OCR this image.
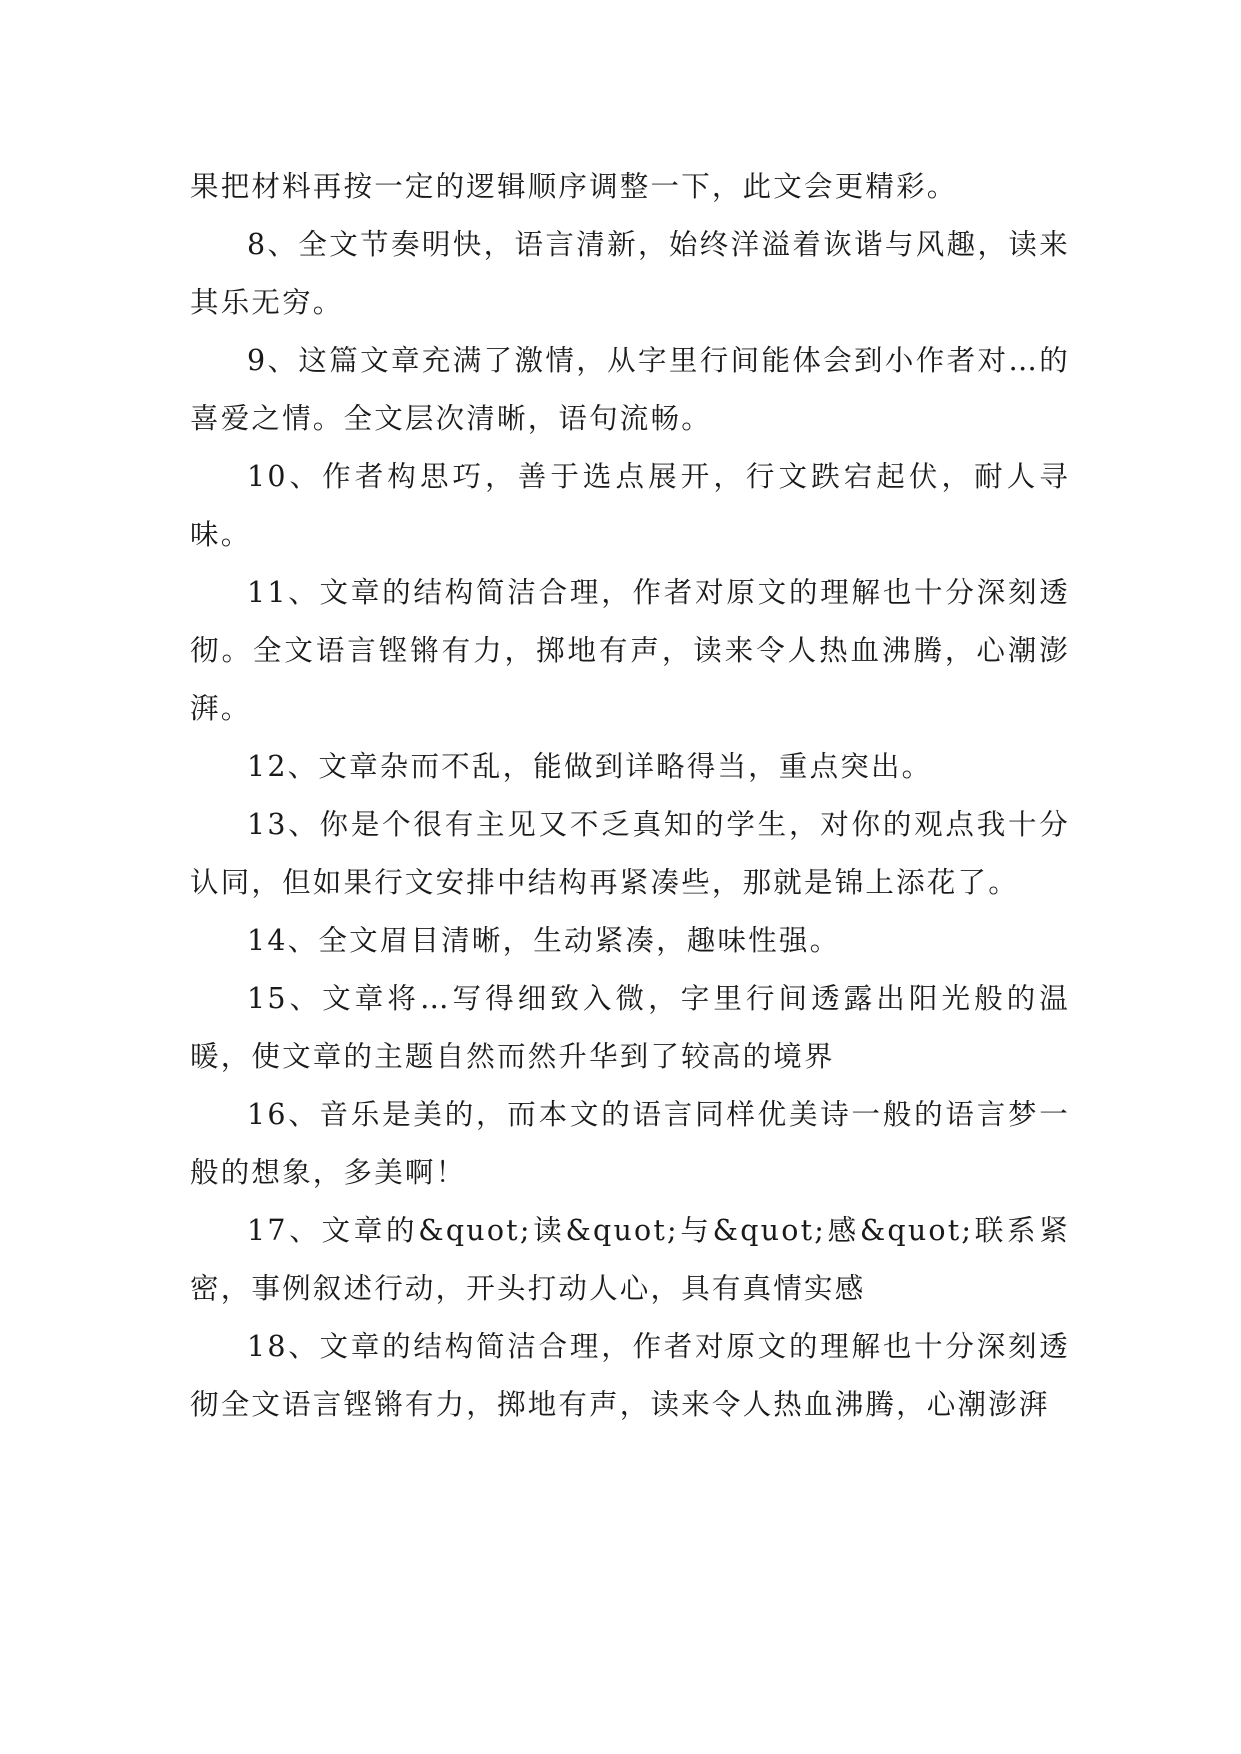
果把材料再按一定的逻辑顺序调整一下，此文会更精彩。

8、全文节奏明快，语言清新，始终洋溢着诙谐与风趣，读来其乐无穷。

9、这篇文章充满了激情，从字里行间能体会到小作者对…的喜爱之情。全文层次清晰，语句流畅。

10、作者构思巧，善于选点展开，行文跌宕起伏，耐人寻味。

11、文章的结构简洁合理，作者对原文的理解也十分深刻透彻。全文语言铿锵有力，掷地有声，读来令人热血沸腾，心潮澎湃。

12、文章杂而不乱，能做到详略得当，重点突出。

13、你是个很有主见又不乏真知的学生，对你的观点我十分认同，但如果行文安排中结构再紧凑些，那就是锦上添花了。

14、全文眉目清晰，生动紧凑，趣味性强。

15、文章将…写得细致入微，字里行间透露出阳光般的温暖，使文章的主题自然而然升华到了较高的境界

16、音乐是美的，而本文的语言同样优美诗一般的语言梦一般的想象，多美啊！

17、文章的&quot;读&quot;与&quot;感&quot;联系紧密，事例叙述行动，开头打动人心，具有真情实感

18、文章的结构简洁合理，作者对原文的理解也十分深刻透彻全文语言铿锵有力，掷地有声，读来令人热血沸腾，心潮澎湃
